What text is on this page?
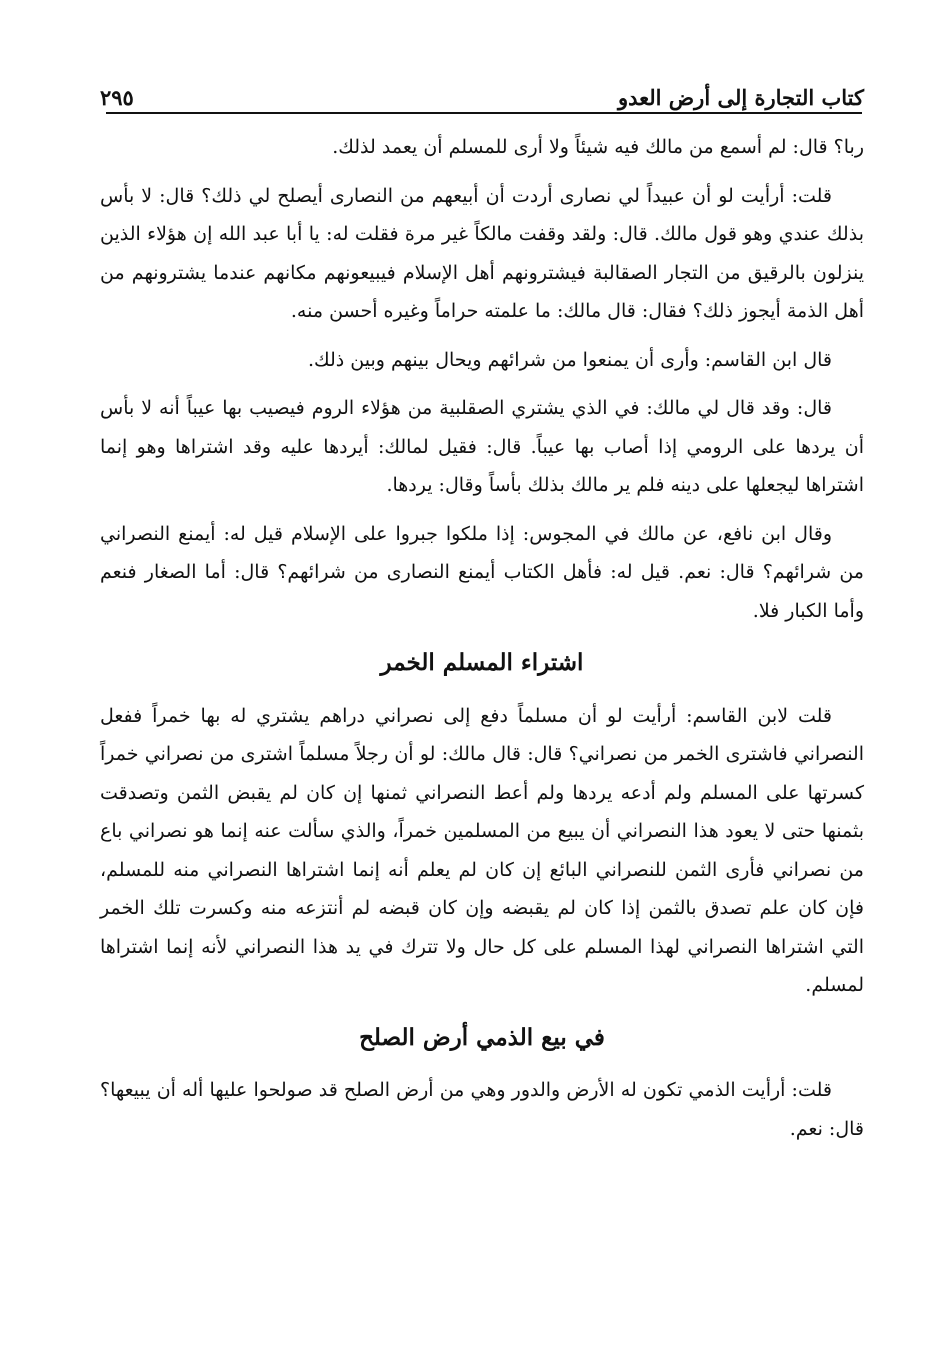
كتاب التجارة إلى أرض العدو
٢٩٥

ربا؟ قال: لم أسمع من مالك فيه شيئاً ولا أرى للمسلم أن يعمد لذلك.

قلت: أرأيت لو أن عبيداً لي نصارى أردت أن أبيعهم من النصارى أيصلح لي ذلك؟ قال: لا بأس بذلك عندي وهو قول مالك. قال: ولقد وقفت مالكاً غير مرة فقلت له: يا أبا عبد الله إن هؤلاء الذين ينزلون بالرقيق من التجار الصقالبة فيشترونهم أهل الإسلام فيبيعونهم مكانهم عندما يشترونهم من أهل الذمة أيجوز ذلك؟ فقال: قال مالك: ما علمته حراماً وغيره أحسن منه.

قال ابن القاسم: وأرى أن يمنعوا من شرائهم ويحال بينهم وبين ذلك.

قال: وقد قال لي مالك: في الذي يشتري الصقلبية من هؤلاء الروم فيصيب بها عيباً أنه لا بأس أن يردها على الرومي إذا أصاب بها عيباً. قال: فقيل لمالك: أيردها عليه وقد اشتراها وهو إنما اشتراها ليجعلها على دينه فلم ير مالك بذلك بأساً وقال: يردها.

وقال ابن نافع، عن مالك في المجوس: إذا ملكوا جبروا على الإسلام قيل له: أيمنع النصراني من شرائهم؟ قال: نعم. قيل له: فأهل الكتاب أيمنع النصارى من شرائهم؟ قال: أما الصغار فنعم وأما الكبار فلا.

اشتراء المسلم الخمر

قلت لابن القاسم: أرأيت لو أن مسلماً دفع إلى نصراني دراهم يشتري له بها خمراً ففعل النصراني فاشترى الخمر من نصراني؟ قال: قال مالك: لو أن رجلاً مسلماً اشترى من نصراني خمراً كسرتها على المسلم ولم أدعه يردها ولم أعط النصراني ثمنها إن كان لم يقبض الثمن وتصدقت بثمنها حتى لا يعود هذا النصراني أن يبيع من المسلمين خمراً، والذي سألت عنه إنما هو نصراني باع من نصراني فأرى الثمن للنصراني البائع إن كان لم يعلم أنه إنما اشتراها النصراني منه للمسلم، فإن كان علم تصدق بالثمن إذا كان لم يقبضه وإن كان قبضه لم أنتزعه منه وكسرت تلك الخمر التي اشتراها النصراني لهذا المسلم على كل حال ولا تترك في يد هذا النصراني لأنه إنما اشتراها لمسلم.

في بيع الذمي أرض الصلح

قلت: أرأيت الذمي تكون له الأرض والدور وهي من أرض الصلح قد صولحوا عليها أله أن يبيعها؟ قال: نعم.
